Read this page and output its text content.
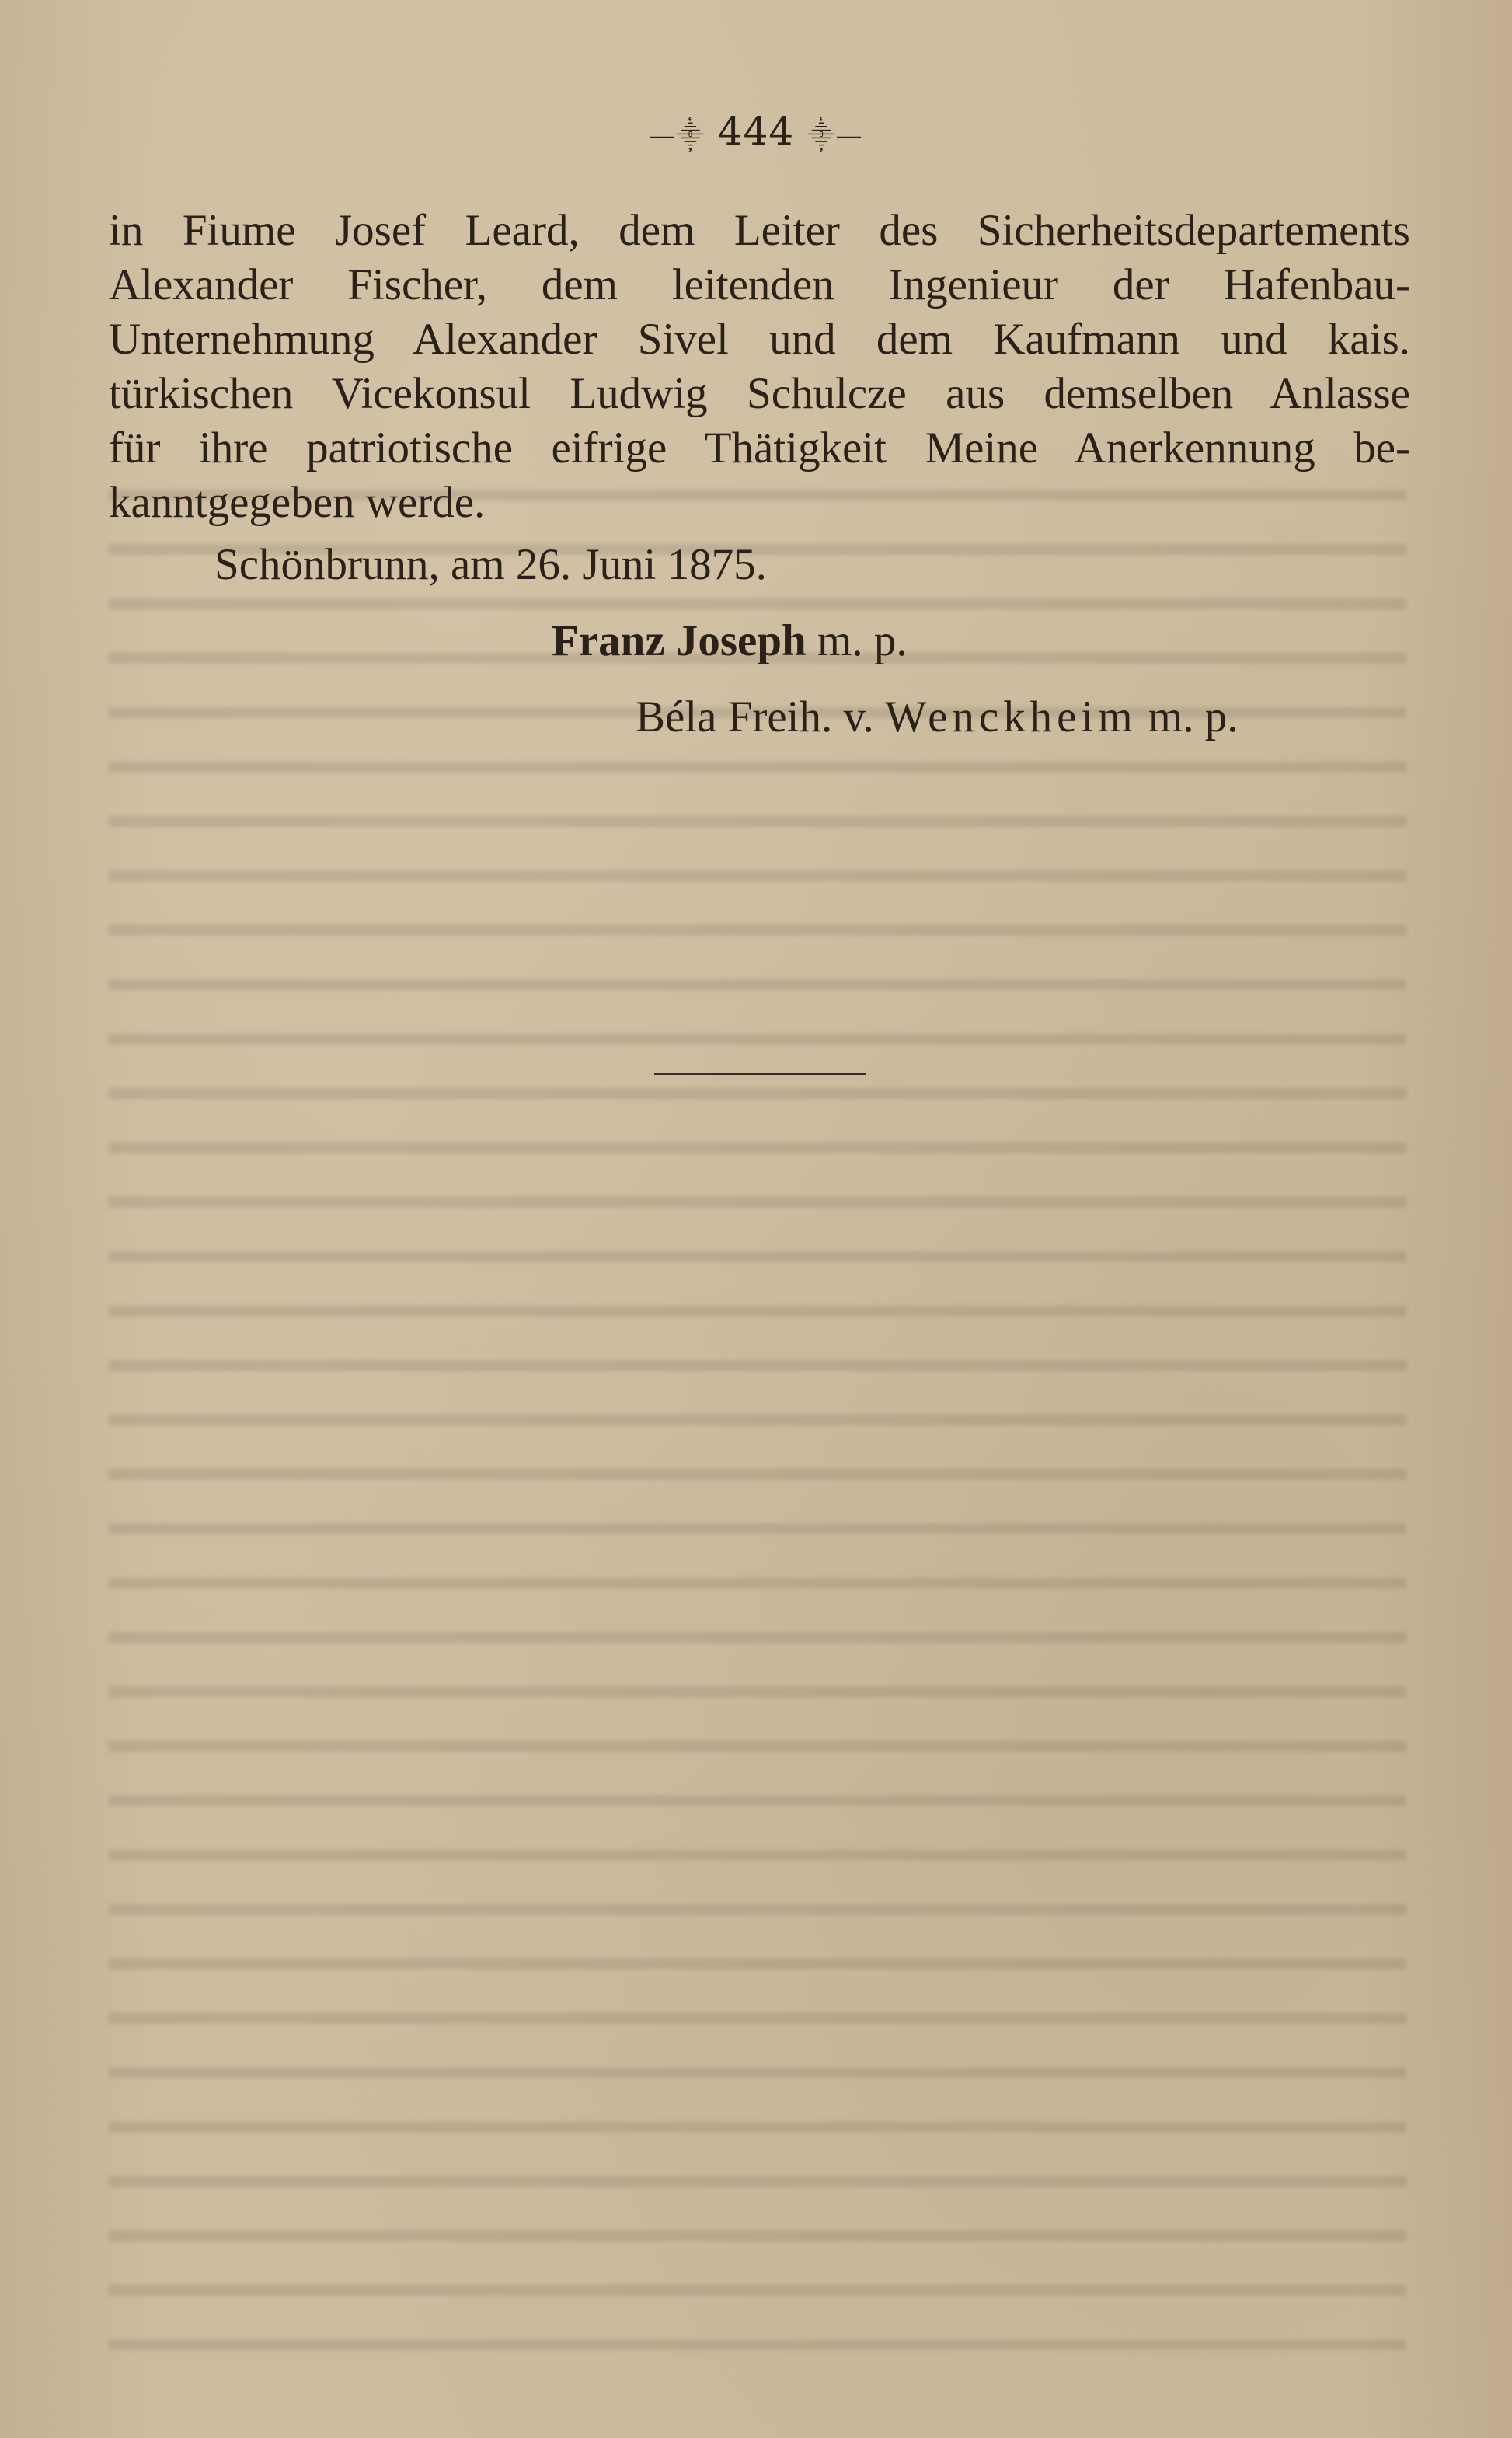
—⸎ 444 ⸎—
in Fiume Josef Leard, dem Leiter des Sicherheitsdepartements
Alexander Fischer, dem leitenden Ingenieur der Hafenbau-
Unternehmung Alexander Sivel und dem Kaufmann und kais.
türkischen Vicekonsul Ludwig Schulcze aus demselben Anlasse
für ihre patriotische eifrige Thätigkeit Meine Anerkennung be-
kanntgegeben werde.
Schönbrunn, am 26. Juni 1875.
Franz Joseph m. p.
Béla Freih. v. Wenckheim m. p.
